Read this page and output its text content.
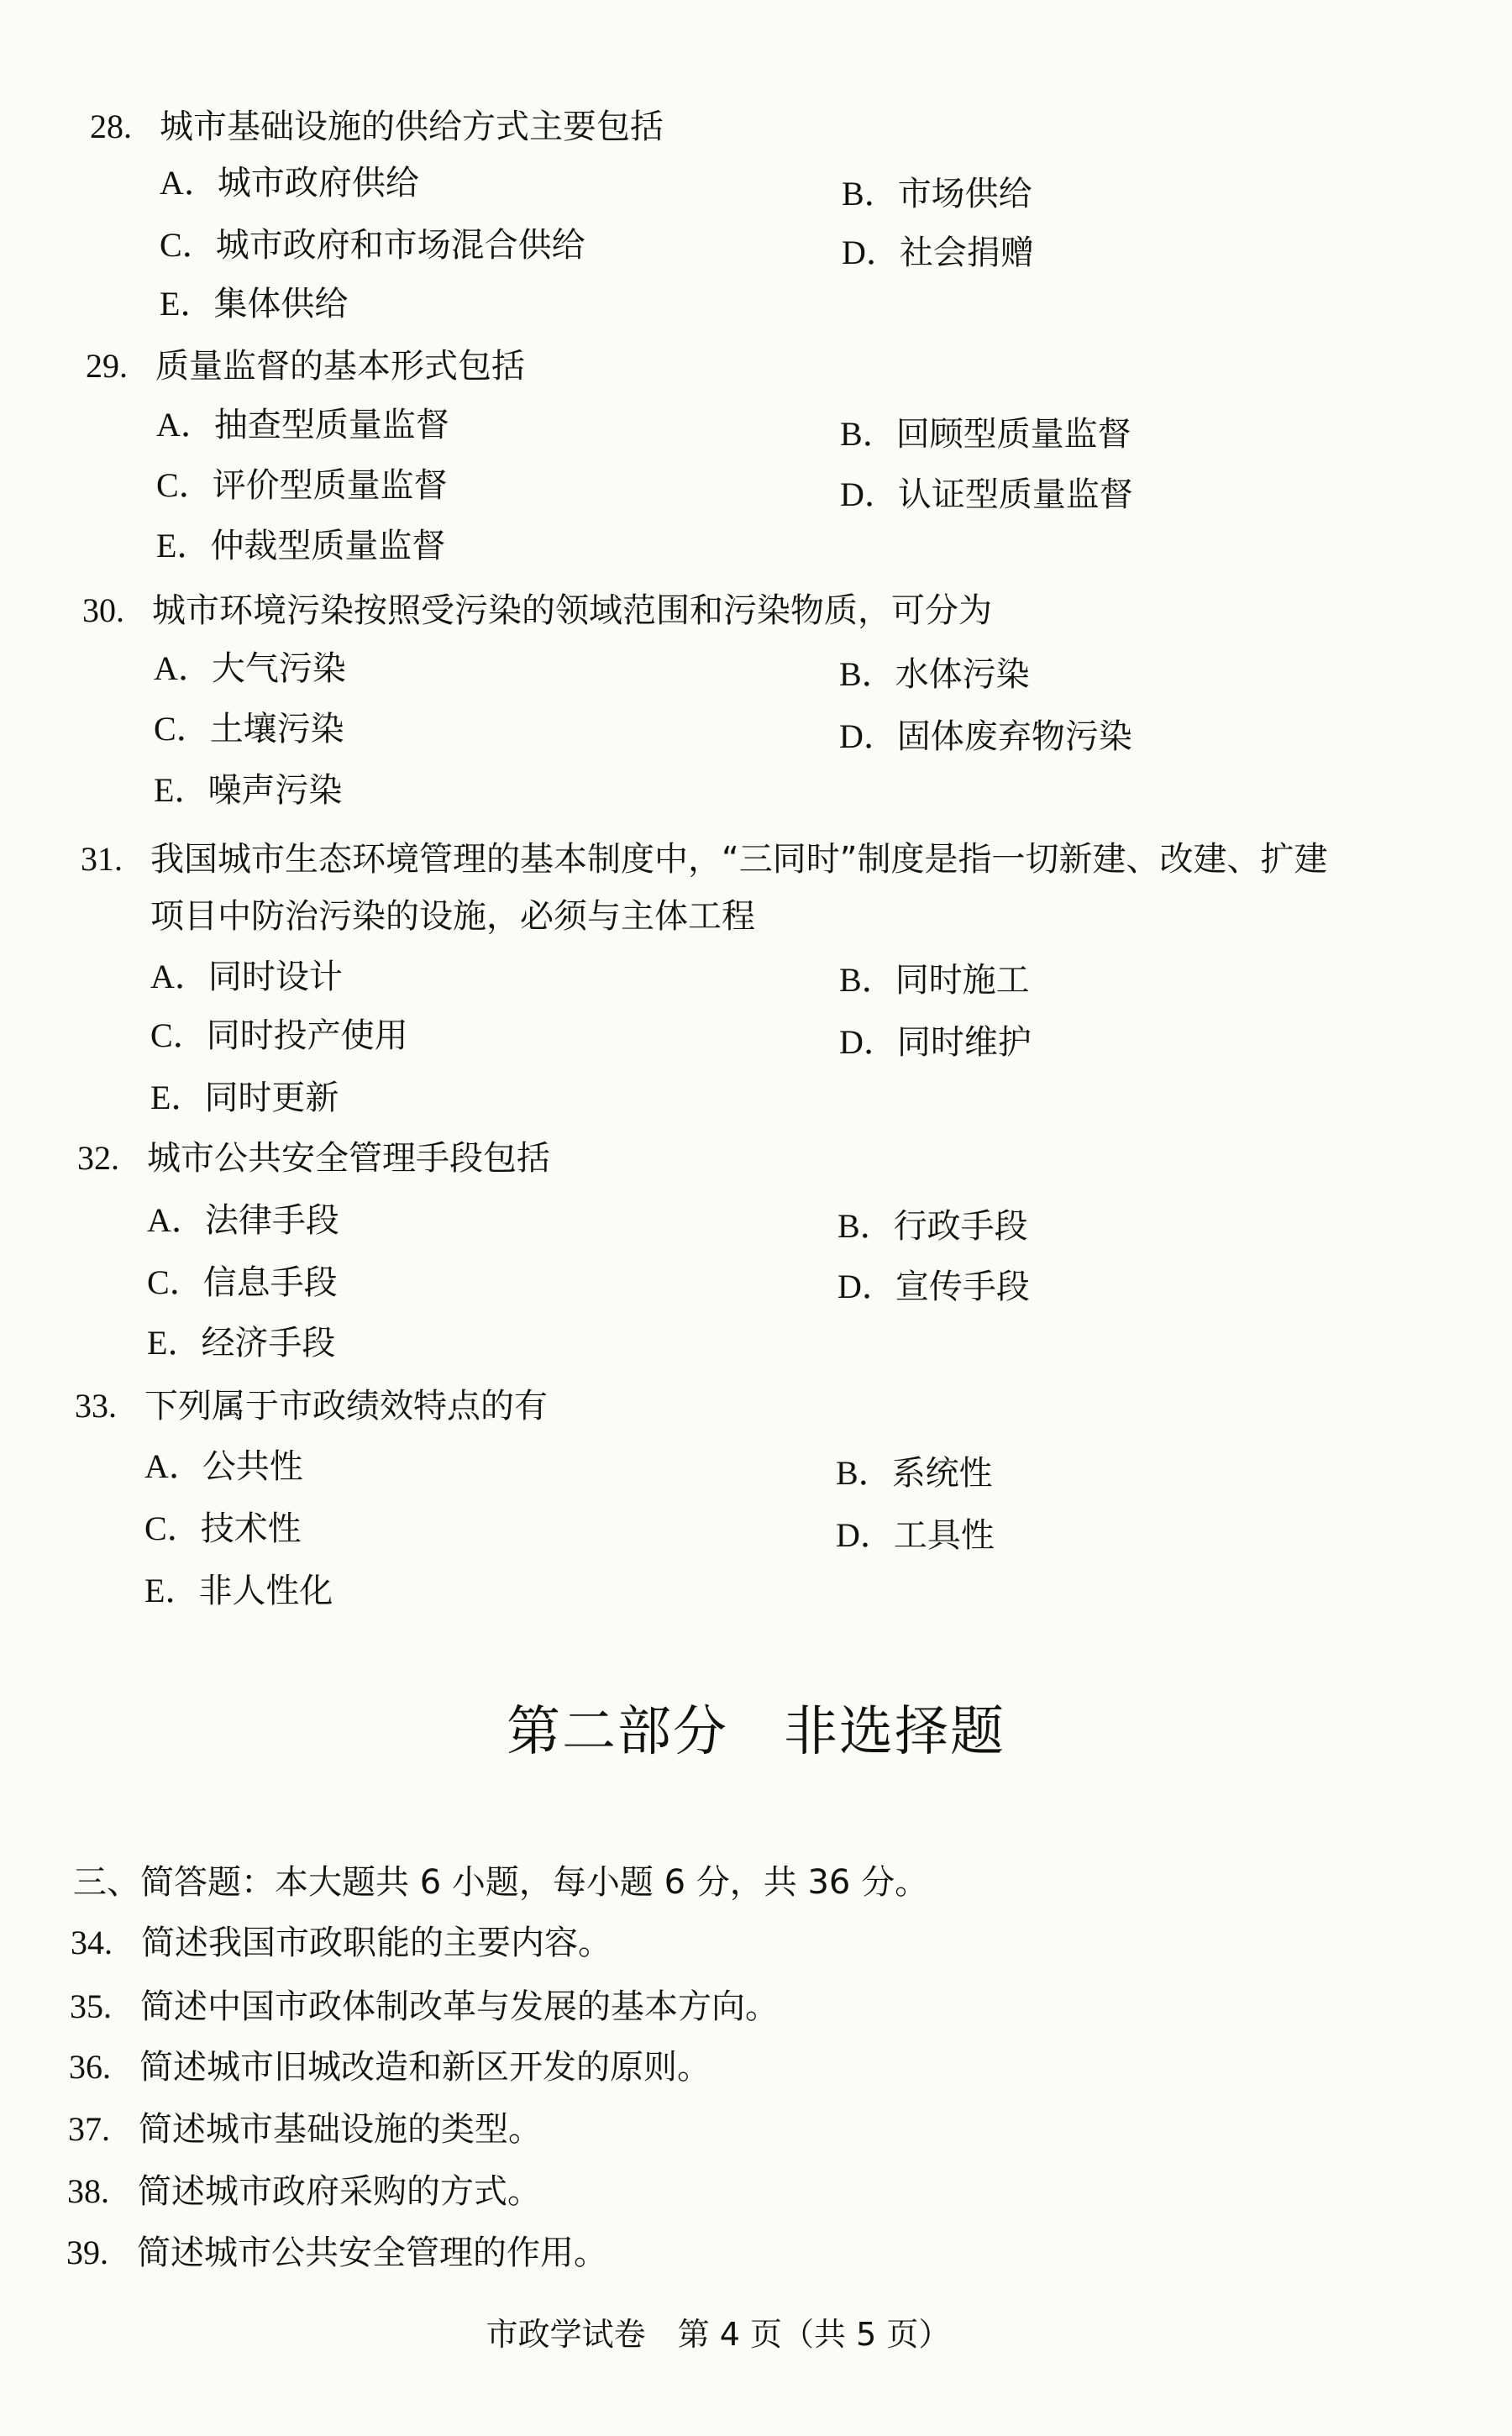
28. 城市基础设施的供给方式主要包括
A．城市政府供给	B．市场供给
C．城市政府和市场混合供给	D．社会捐赠
E．集体供给
29. 质量监督的基本形式包括
A．抽查型质量监督	B．回顾型质量监督
C．评价型质量监督	D．认证型质量监督
E．仲裁型质量监督
30. 城市环境污染按照受污染的领域范围和污染物质，可分为
A．大气污染	B．水体污染
C．土壤污染	D．固体废弃物污染
E．噪声污染
31. 我国城市生态环境管理的基本制度中，“三同时”制度是指一切新建、改建、扩建
项目中防治污染的设施，必须与主体工程
A．同时设计	B．同时施工
C．同时投产使用	D．同时维护
E．同时更新
32. 城市公共安全管理手段包括
A．法律手段	B．行政手段
C．信息手段	D．宣传手段
E．经济手段
33. 下列属于市政绩效特点的有
A．公共性	B．系统性
C．技术性	D．工具性
E．非人性化
三、简答题：本大题共 6 小题，每小题 6 分，共 36 分。
34. 简述我国市政职能的主要内容。
35. 简述中国市政体制改革与发展的基本方向。
36. 简述城市旧城改造和新区开发的原则。
37. 简述城市基础设施的类型。
38. 简述城市政府采购的方式。
39. 简述城市公共安全管理的作用。
第二部分　非选择题
市政学试卷　第 4 页（共 5 页）
